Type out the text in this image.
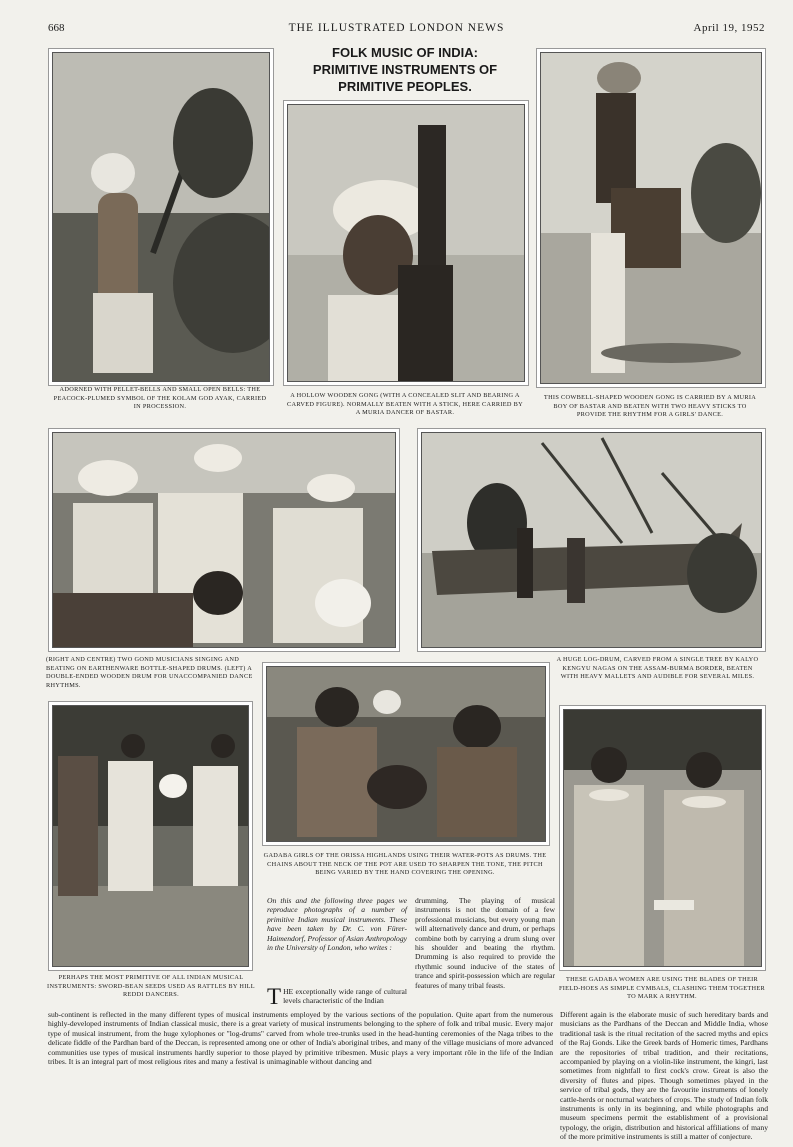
668	THE ILLUSTRATED LONDON NEWS	April 19, 1952
FOLK MUSIC OF INDIA:
PRIMITIVE INSTRUMENTS OF
PRIMITIVE PEOPLES.
ADORNED WITH PELLET-BELLS AND SMALL OPEN BELLS: THE PEACOCK-PLUMED SYMBOL OF THE KOLAM GOD AYAK, CARRIED IN PROCESSION.
A HOLLOW WOODEN GONG (WITH A CONCEALED SLIT AND BEARING A CARVED FIGURE). NORMALLY BEATEN WITH A STICK, HERE CARRIED BY A MURIA DANCER OF BASTAR.
THIS COWBELL-SHAPED WOODEN GONG IS CARRIED BY A MURIA BOY OF BASTAR AND BEATEN WITH TWO HEAVY STICKS TO PROVIDE THE RHYTHM FOR A GIRLS' DANCE.
(RIGHT AND CENTRE) TWO GOND MUSICIANS SINGING AND BEATING ON EARTHENWARE BOTTLE-SHAPED DRUMS. (LEFT) A DOUBLE-ENDED WOODEN DRUM FOR UNACCOMPANIED DANCE RHYTHMS.
A HUGE LOG-DRUM, CARVED FROM A SINGLE TREE BY KALYO KENGYU NAGAS ON THE ASSAM-BURMA BORDER, BEATEN WITH HEAVY MALLETS AND AUDIBLE FOR SEVERAL MILES.
PERHAPS THE MOST PRIMITIVE OF ALL INDIAN MUSICAL INSTRUMENTS: SWORD-BEAN SEEDS USED AS RATTLES BY HILL REDDI DANCERS.
GADABA GIRLS OF THE ORISSA HIGHLANDS USING THEIR WATER-POTS AS DRUMS. THE CHAINS ABOUT THE NECK OF THE POT ARE USED TO SHARPEN THE TONE, THE PITCH BEING VARIED BY THE HAND COVERING THE OPENING.
THESE GADABA WOMEN ARE USING THE BLADES OF THEIR FIELD-HOES AS SIMPLE CYMBALS, CLASHING THEM TOGETHER TO MARK A RHYTHM.
On this and the following three pages we reproduce photographs of a number of primitive Indian musical instruments. These have been taken by Dr. C. von Fürer-Haimendorf, Professor of Asian Anthropology in the University of London, who writes :
THE exceptionally wide range of cultural levels characteristic of the Indian
drumming. The playing of musical instruments is not the domain of a few professional musicians, but every young man will alternatively dance and drum, or perhaps combine both by carrying a drum slung over his shoulder and beating the rhythm. Drumming is also required to provide the rhythmic sound inducive of the states of trance and spirit-possession which are regular features of many tribal feasts.
sub-continent is reflected in the many different types of musical instruments employed by the various sections of the population. Quite apart from the numerous highly-developed instruments of Indian classical music, there is a great variety of musical instruments belonging to the sphere of folk and tribal music. Every major type of musical instrument, from the huge xylophones or "log-drums" carved from whole tree-trunks used in the head-hunting ceremonies of the Naga tribes to the delicate fiddle of the Pardhan bard of the Deccan, is represented among one or other of India's aboriginal tribes, and many of the village musicians of more advanced communities use types of musical instruments hardly superior to those played by primitive tribesmen. Music plays a very important rôle in the life of the Indian tribes. It is an integral part of most religious rites and many a festival is unimaginable without dancing and
Different again is the elaborate music of such hereditary bards and musicians as the Pardhans of the Deccan and Middle India, whose traditional task is the ritual recitation of the sacred myths and epics of the Raj Gonds. Like the Greek bards of Homeric times, Pardhans are the repositories of tribal tradition, and their recitations, accompanied by playing on a violin-like instrument, the kingri, last sometimes from nightfall to first cock's crow. Great is also the diversity of flutes and pipes. Though sometimes played in the service of tribal gods, they are the favourite instruments of lonely cattle-herds or nocturnal watchers of crops. The study of Indian folk instruments is only in its beginning, and while photographs and museum specimens permit the establishment of a provisional typology, the origin, distribution and historical affiliations of many of the more primitive instruments is still a matter of conjecture.
